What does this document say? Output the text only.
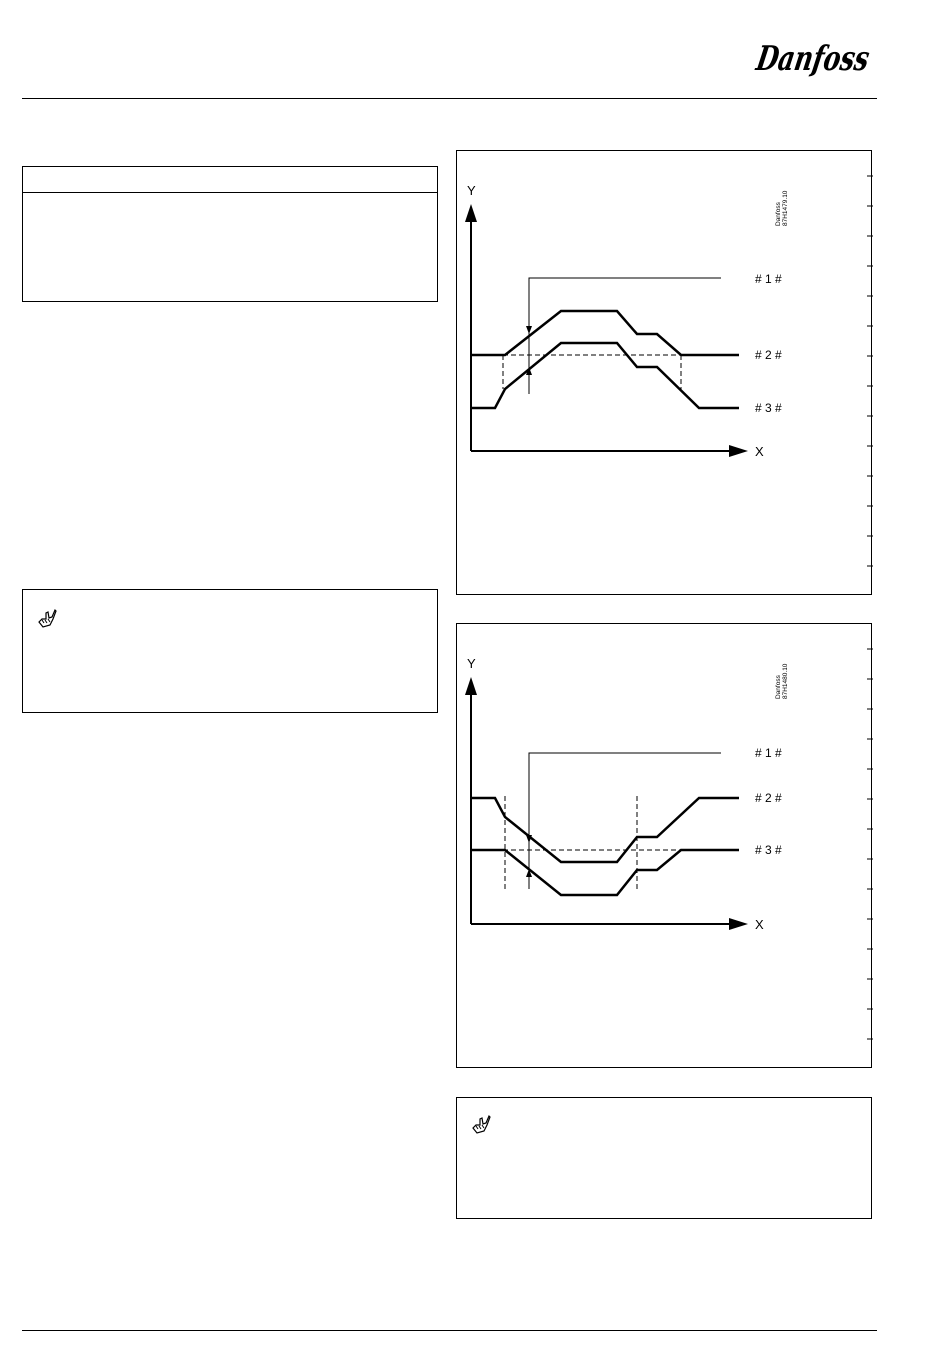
Danfoss
Y
X
# 1 #
# 2 #
# 3 #
Danfoss 87H1479.10
Y
X
# 1 #
# 2 #
# 3 #
Danfoss 87H1480.10
